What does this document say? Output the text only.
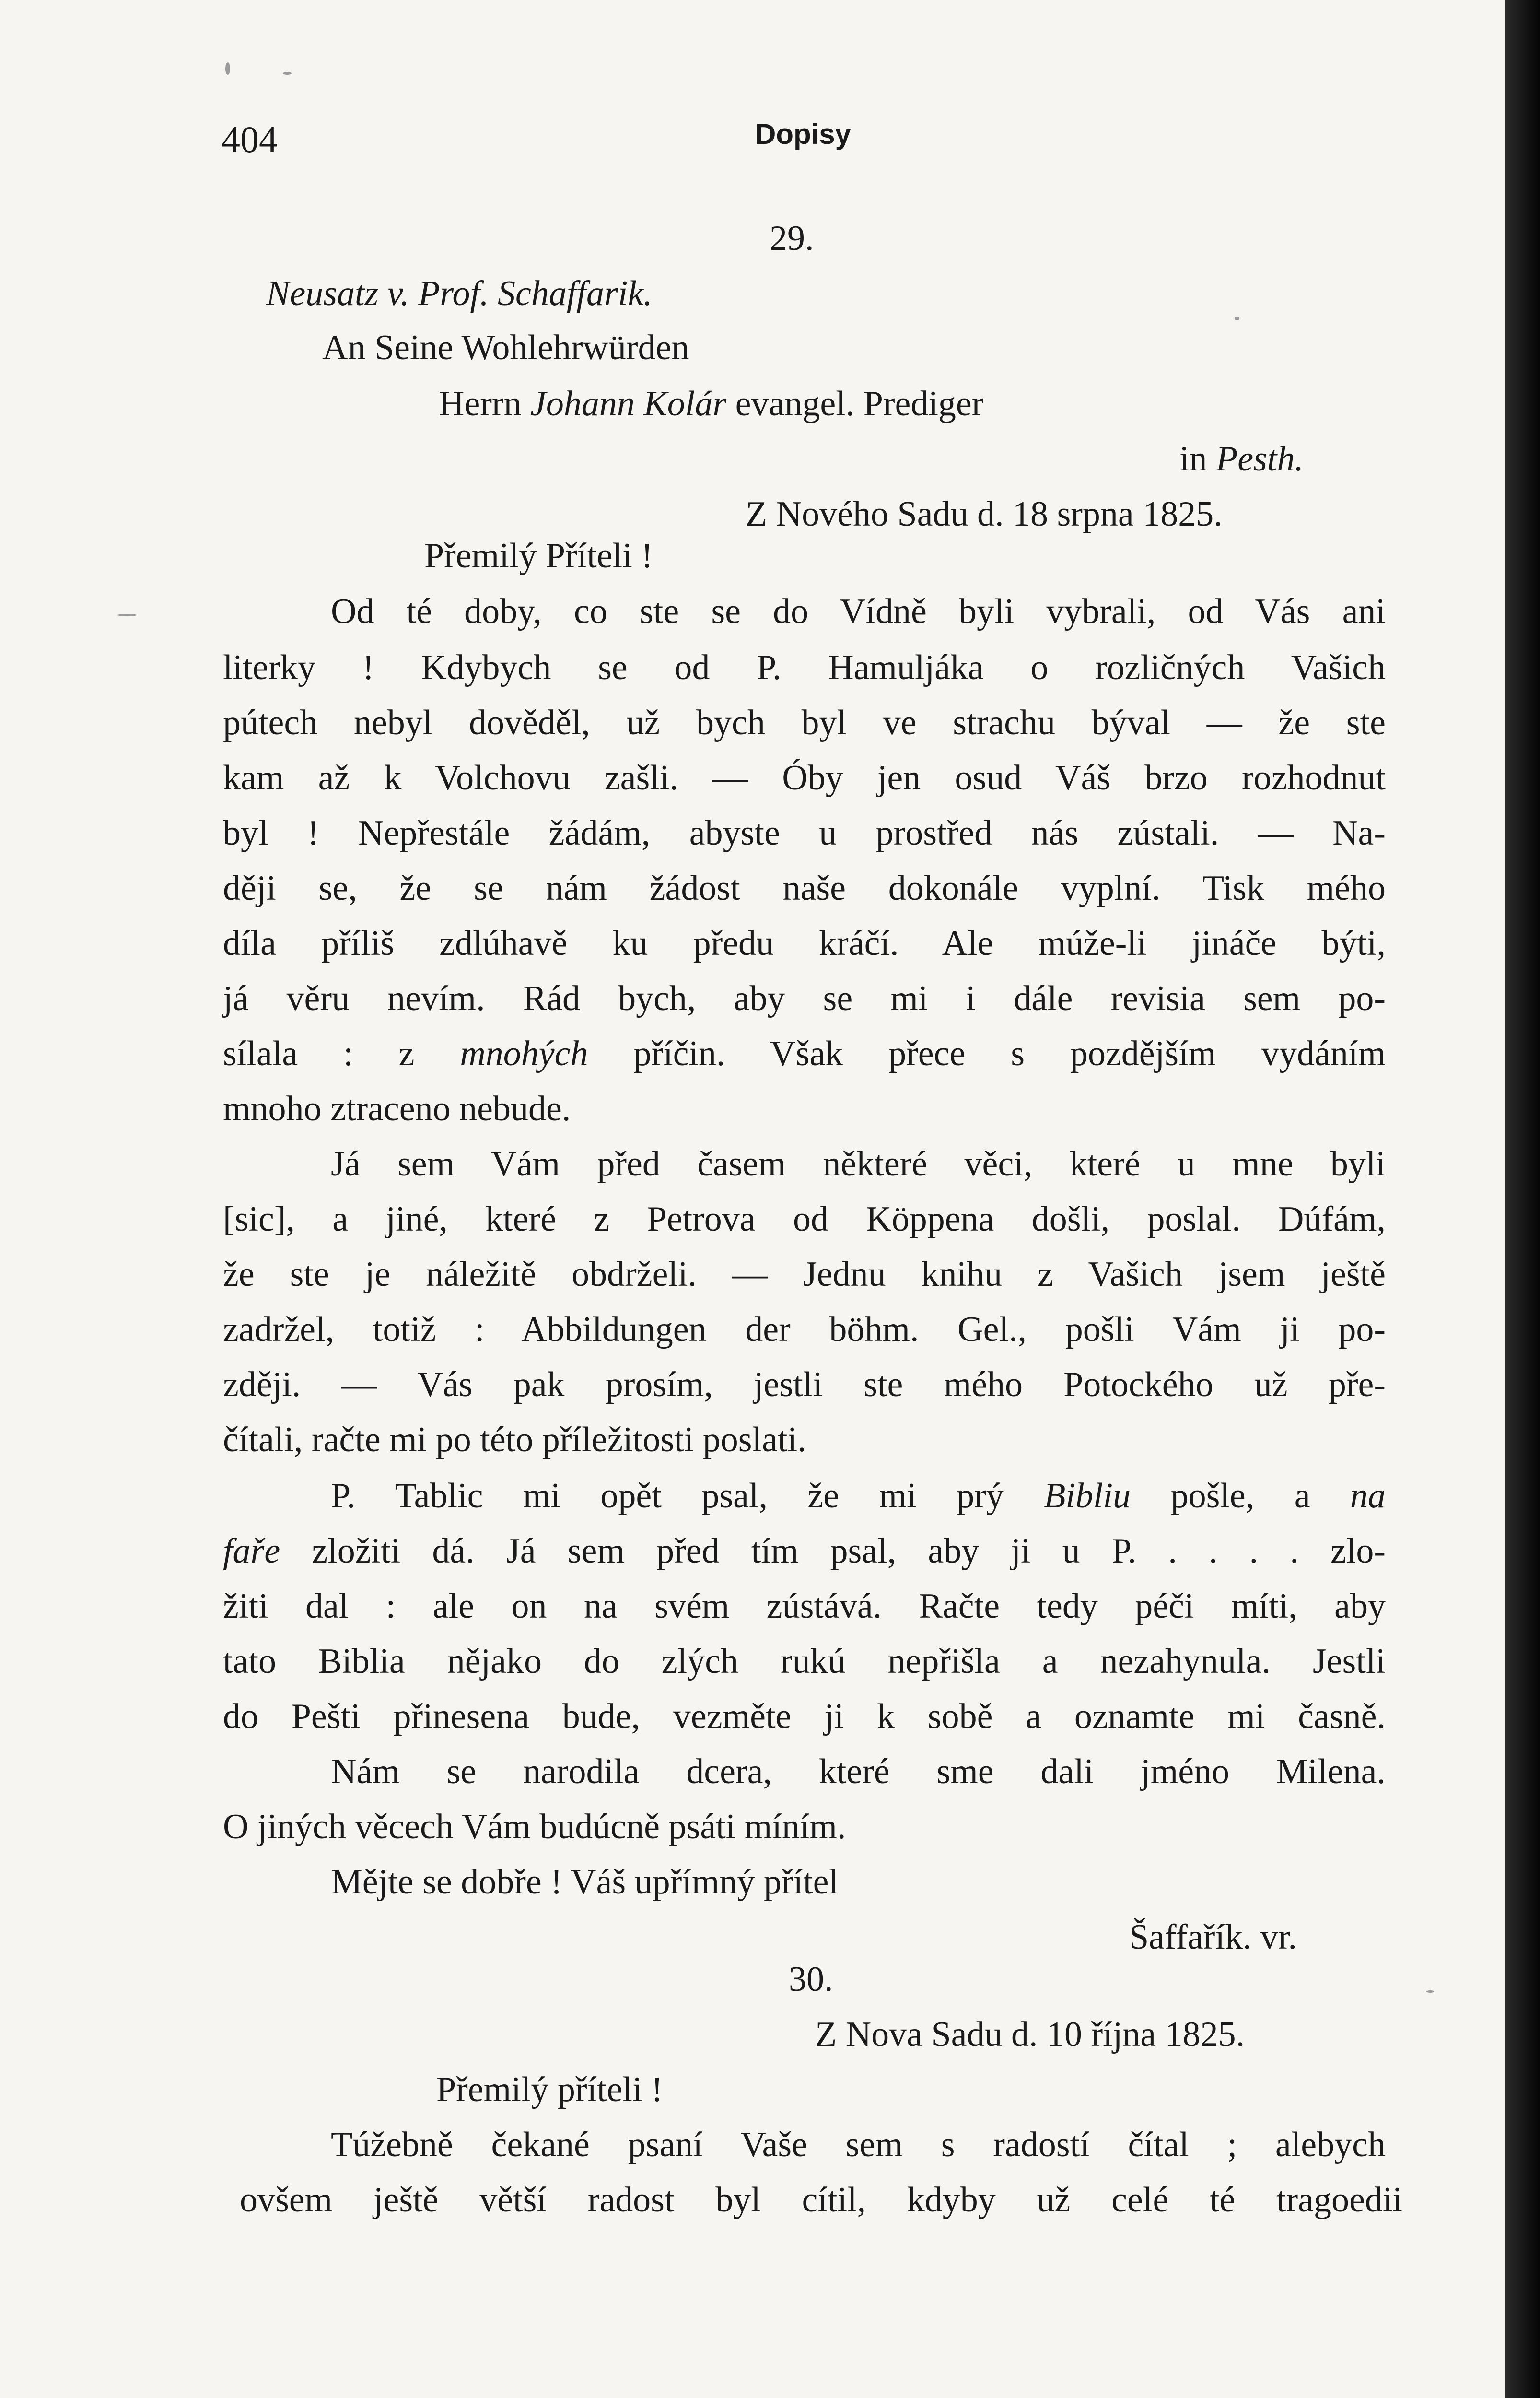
404	Dopisy
29.
Neusatz v. Prof. Schaffarik.
An Seine Wohlehrwürden
Herrn Johann Kolár evangel. Prediger
in Pesth.
Z Nového Sadu d. 18 srpna 1825.
Přemilý Příteli !
Od té doby, co ste se do Vídně byli vybrali, od Vás ani
literky ! Kdybych se od P. Hamuljáka o rozličných Vašich
pútech nebyl dověděl, už bych byl ve strachu býval — že ste
kam až k Volchovu zašli. — Óby jen osud Váš brzo rozhodnut
byl ! Nepřestále žádám, abyste u prostřed nás zústali. — Na-
ději se, že se nám žádost naše dokonále vyplní. Tisk mého
díla příliš zdlúhavě ku předu kráčí. Ale múže-li jináče býti,
já věru nevím. Rád bych, aby se mi i dále revisia sem po-
sílala : z mnohých příčin. Však přece s pozdějším vydáním
mnoho ztraceno nebude.
Já sem Vám před časem některé věci, které u mne byli
[sic], a jiné, které z Petrova od Köppena došli, poslal. Dúfám,
že ste je náležitě obdrželi. — Jednu knihu z Vašich jsem ještě
zadržel, totiž : Abbildungen der böhm. Gel., pošli Vám ji po-
zději. — Vás pak prosím, jestli ste mého Potockého už pře-
čítali, račte mi po této příležitosti poslati.
P. Tablic mi opět psal, že mi prý Bibliu pošle, a na
faře zložiti dá. Já sem před tím psal, aby ji u P. . . . . zlo-
žiti dal : ale on na svém zústává. Račte tedy péči míti, aby
tato Biblia nějako do zlých rukú nepřišla a nezahynula. Jestli
do Pešti přinesena bude, vezměte ji k sobě a oznamte mi časně.
Nám se narodila dcera, které sme dali jméno Milena.
O jiných věcech Vám budúcně psáti míním.
Mějte se dobře ! Váš upřímný přítel
Šaffařík. vr.
30.
Z Nova Sadu d. 10 října 1825.
Přemilý příteli !
Túžebně čekané psaní Vaše sem s radostí čítal ; alebych
ovšem ještě větší radost byl cítil, kdyby už celé té tragoedii
